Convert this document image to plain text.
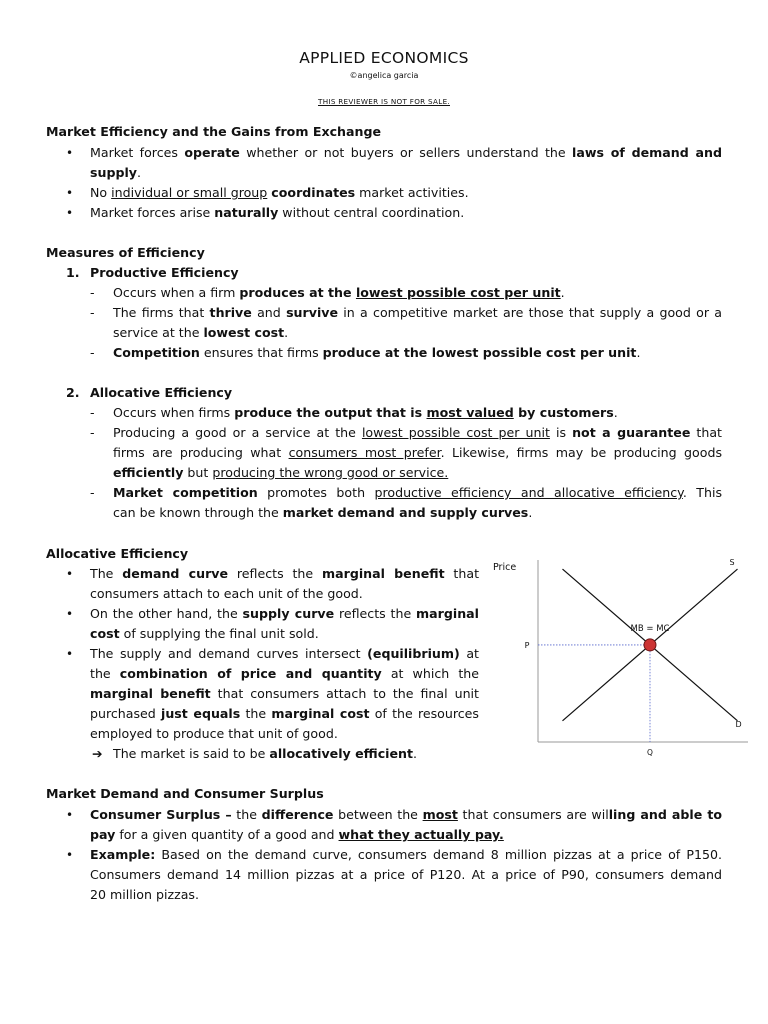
APPLIED ECONOMICS
©angelica garcia
THIS REVIEWER IS NOT FOR SALE.
Market Efficiency and the Gains from Exchange
• Market forces operate whether or not buyers or sellers understand the laws of demand and
supply.
• No individual or small group coordinates market activities.
• Market forces arise naturally without central coordination.
Measures of Efficiency
1. Productive Efficiency
- Occurs when a firm produces at the lowest possible cost per unit.
- The firms that thrive and survive in a competitive market are those that supply a good or a
service at the lowest cost.
- Competition ensures that firms produce at the lowest possible cost per unit.
2. Allocative Efficiency
- Occurs when firms produce the output that is most valued by customers.
- Producing a good or a service at the lowest possible cost per unit is not a guarantee that
firms are producing what consumers most prefer. Likewise, firms may be producing goods
efficiently but producing the wrong good or service.
- Market competition promotes both productive efficiency and allocative efficiency. This
can be known through the market demand and supply curves.
Allocative Efficiency
• The demand curve reflects the marginal benefit that
consumers attach to each unit of the good.
• On the other hand, the supply curve reflects the marginal
cost of supplying the final unit sold.
• The supply and demand curves intersect (equilibrium) at
the combination of price and quantity at which the
marginal benefit that consumers attach to the final unit
purchased just equals the marginal cost of the resources
employed to produce that unit of good.
➔ The market is said to be allocatively efficient.
Price
MB = MC
P
Q
S
D
Market Demand and Consumer Surplus
• Consumer Surplus – the difference between the most that consumers are willing and able to
pay for a given quantity of a good and what they actually pay.
• Example: Based on the demand curve, consumers demand 8 million pizzas at a price of P150.
Consumers demand 14 million pizzas at a price of P120. At a price of P90, consumers demand
20 million pizzas.
